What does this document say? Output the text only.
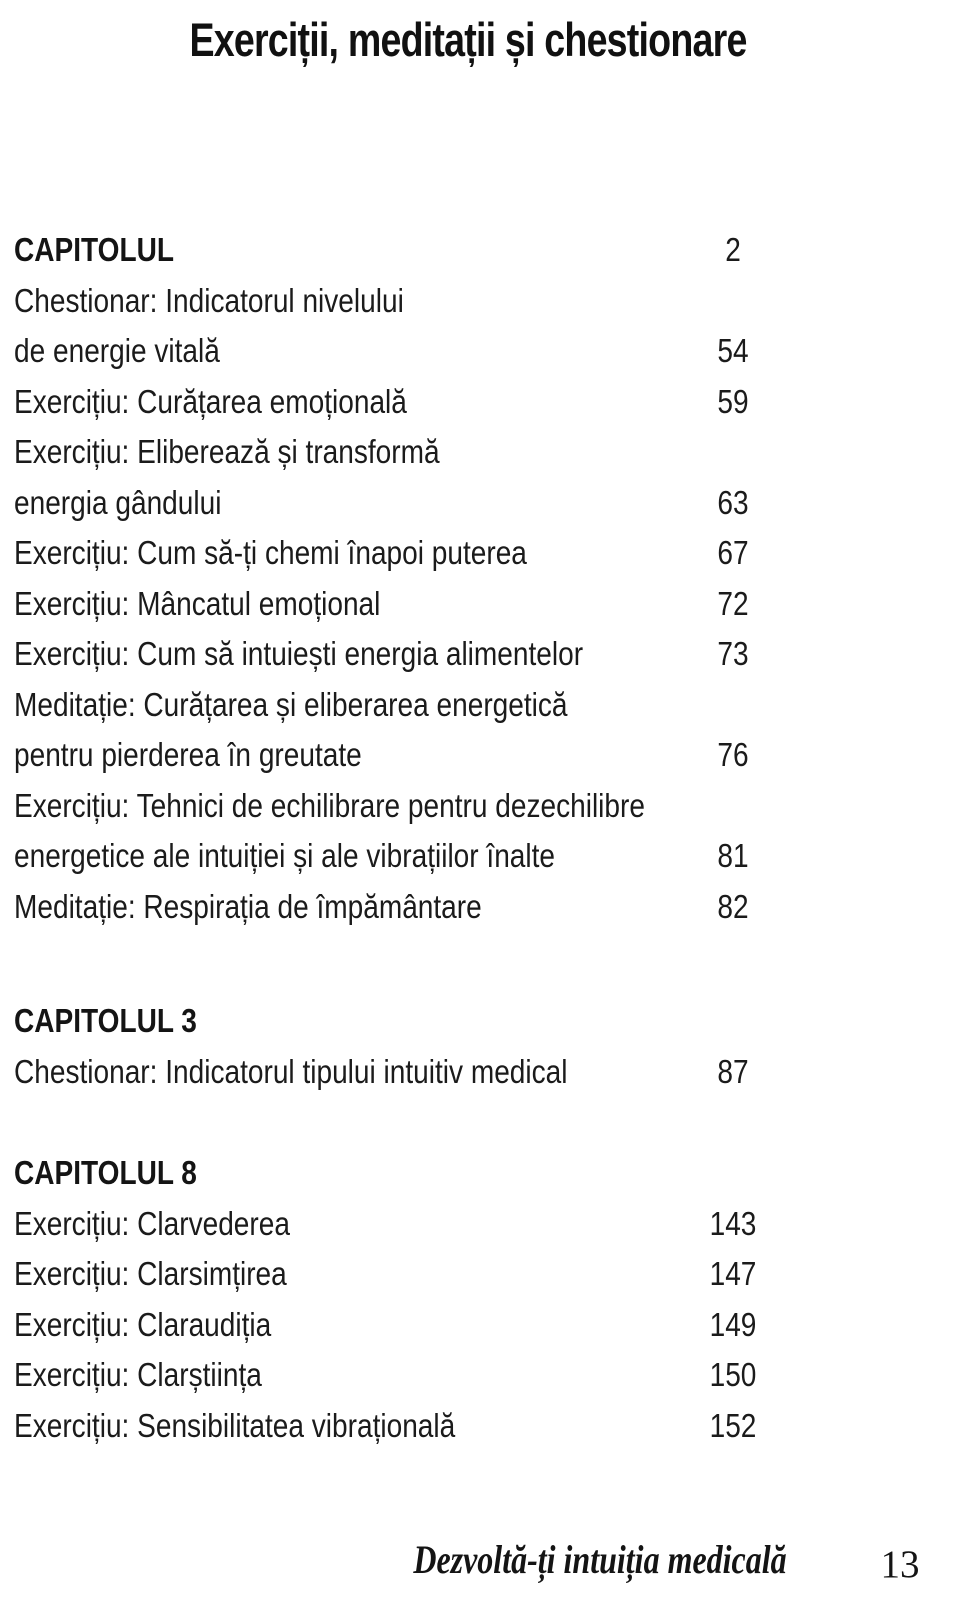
Exerciții, meditații și chestionare
CAPITOLUL	2
Chestionar: Indicatorul nivelului
de energie vitală	54
Exercițiu: Curățarea emoțională	59
Exercițiu: Eliberează și transformă
energia gândului	63
Exercițiu: Cum să-ți chemi înapoi puterea	67
Exercițiu: Mâncatul emoțional	72
Exercițiu: Cum să intuiești energia alimentelor	73
Meditație: Curățarea și eliberarea energetică
pentru pierderea în greutate	76
Exercițiu: Tehnici de echilibrare pentru dezechilibre
energetice ale intuiției și ale vibrațiilor înalte	81
Meditație: Respirația de împământare	82
CAPITOLUL 3
Chestionar: Indicatorul tipului intuitiv medical	87
CAPITOLUL 8
Exercițiu: Clarvederea	143
Exercițiu: Clarsimțirea	147
Exercițiu: Claraudiția	149
Exercițiu: Clarștiința	150
Exercițiu: Sensibilitatea vibrațională	152
Dezvoltă-ți intuiția medicală	13
